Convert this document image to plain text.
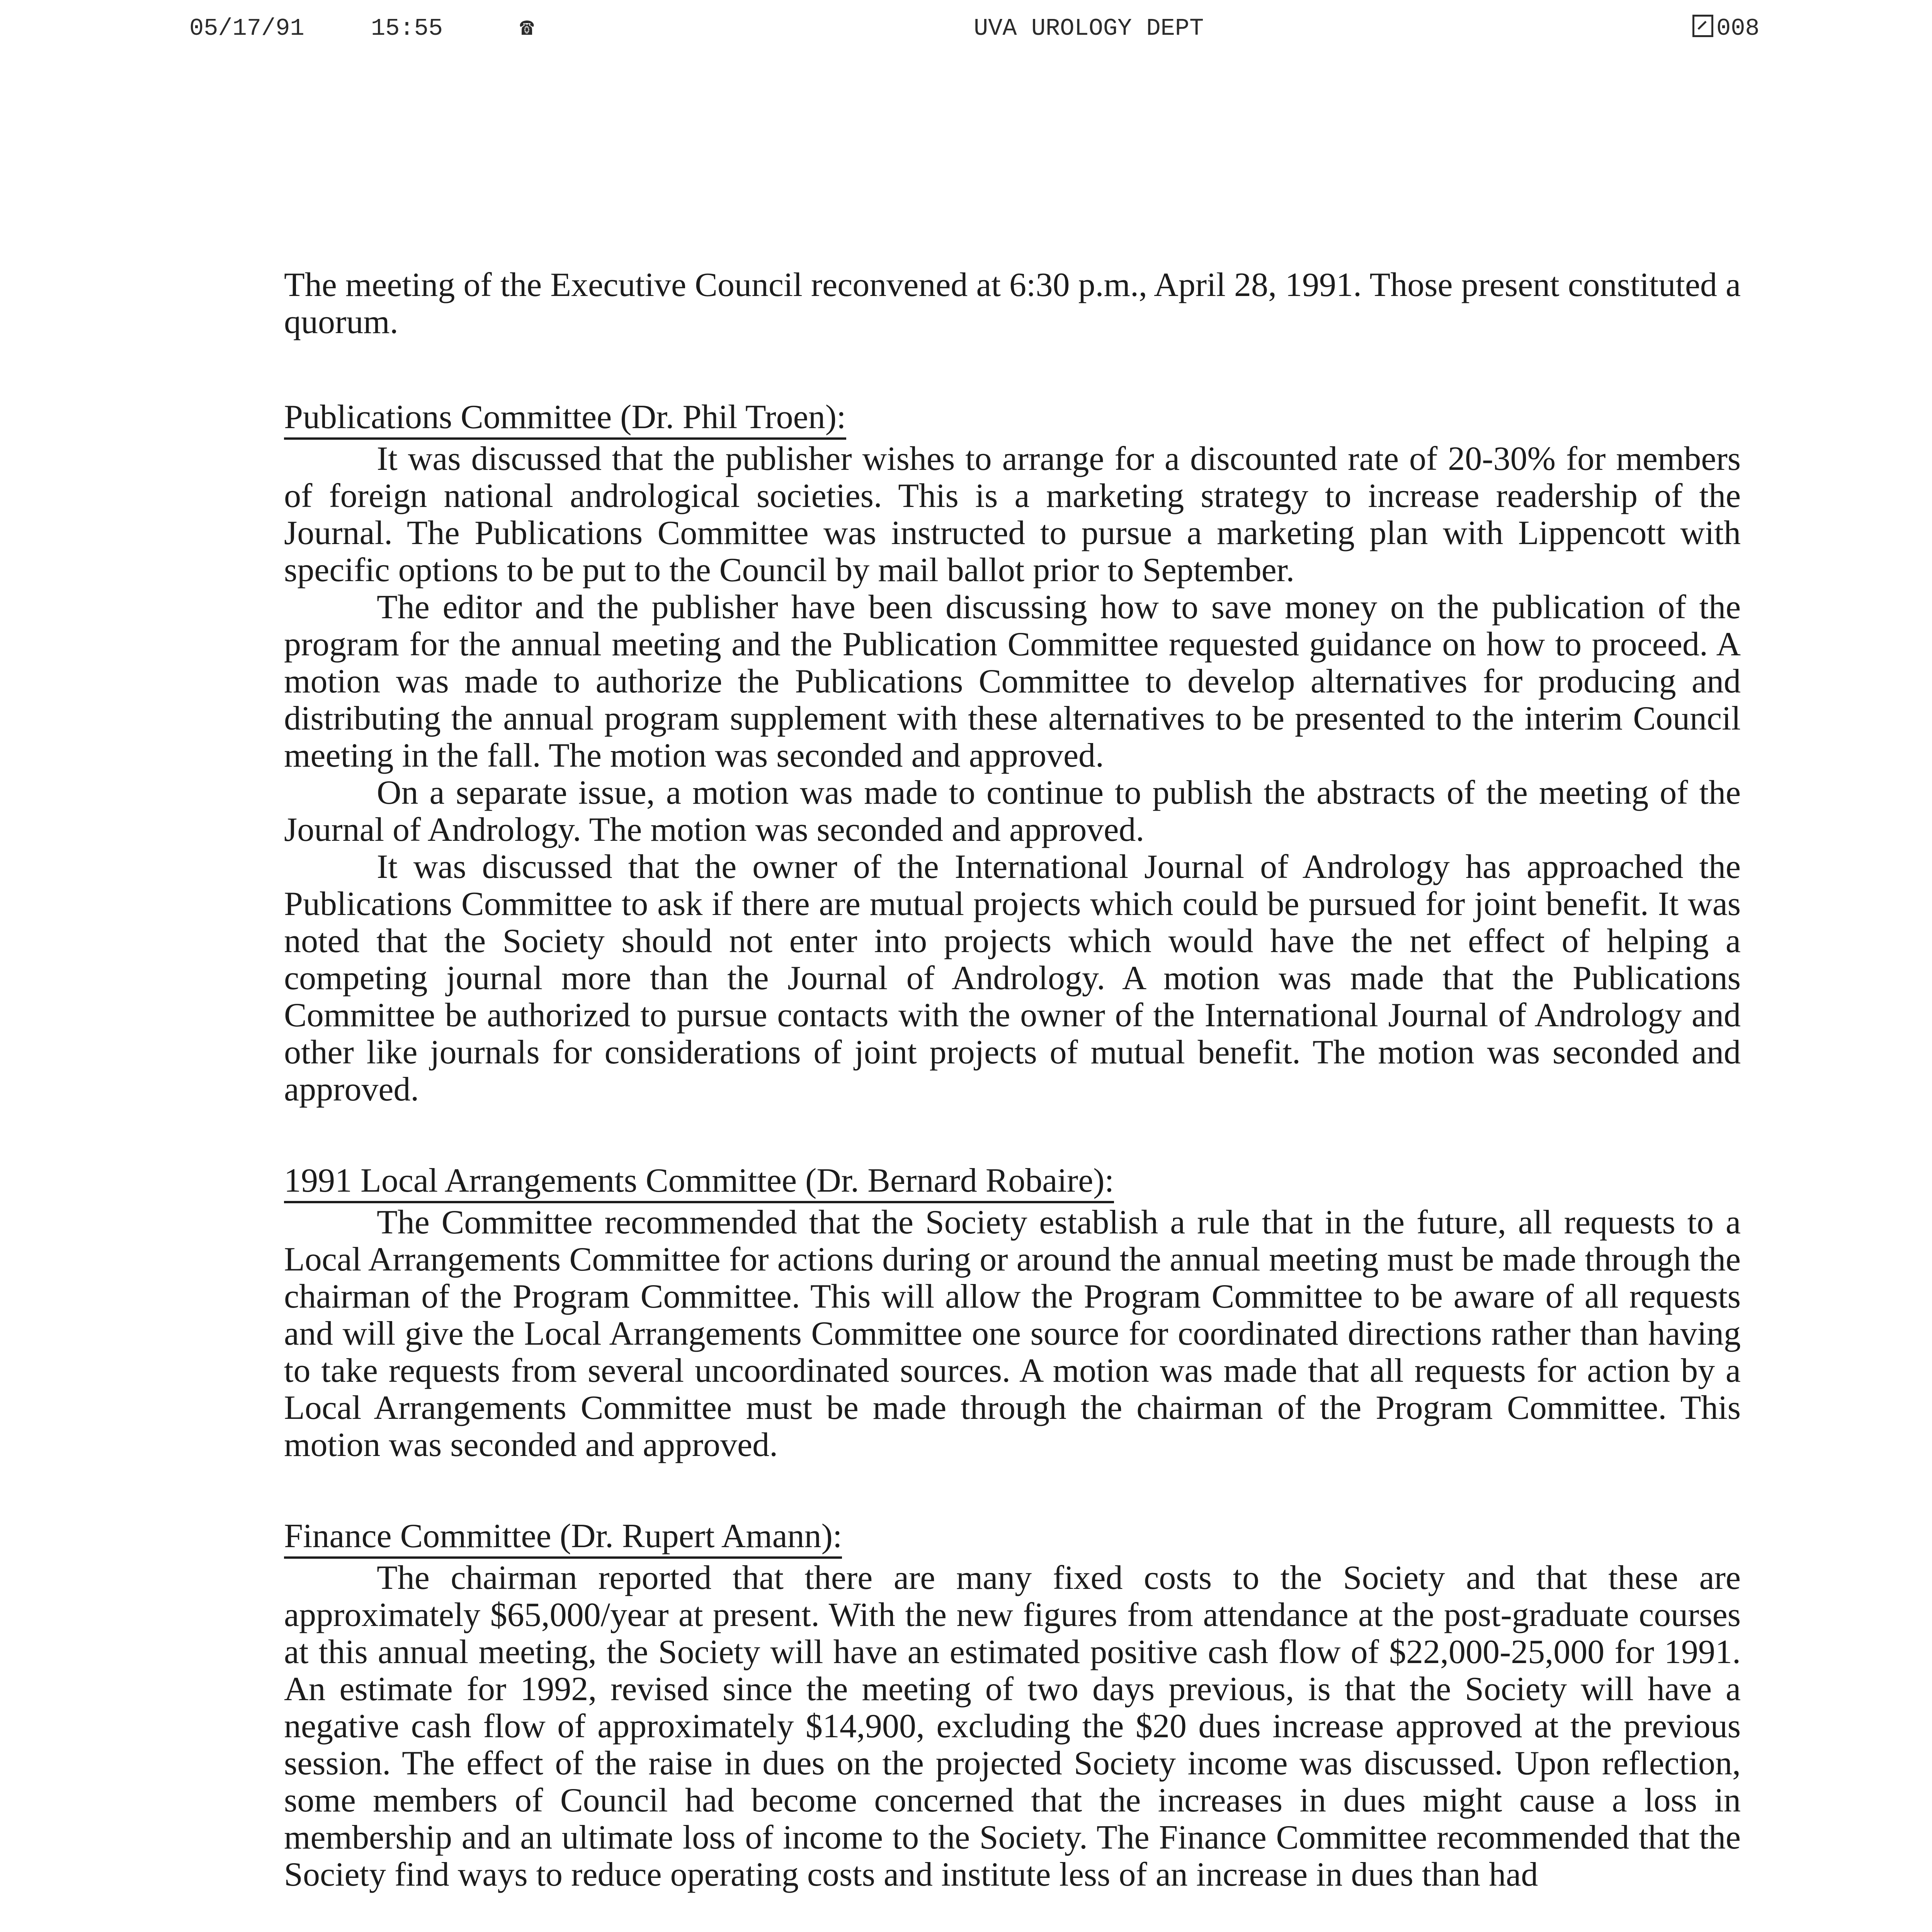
05/17/91	15:55	☎	UVA UROLOGY DEPT	008

The meeting of the Executive Council reconvened at 6:30 p.m., April 28, 1991. Those present constituted a quorum.

Publications Committee (Dr. Phil Troen):

It was discussed that the publisher wishes to arrange for a discounted rate of 20-30% for members of foreign national andrological societies. This is a marketing strategy to increase readership of the Journal. The Publications Committee was instructed to pursue a marketing plan with Lippencott with specific options to be put to the Council by mail ballot prior to September.

The editor and the publisher have been discussing how to save money on the publication of the program for the annual meeting and the Publication Committee requested guidance on how to proceed. A motion was made to authorize the Publications Committee to develop alternatives for producing and distributing the annual program supplement with these alternatives to be presented to the interim Council meeting in the fall. The motion was seconded and approved.

On a separate issue, a motion was made to continue to publish the abstracts of the meeting of the Journal of Andrology. The motion was seconded and approved.

It was discussed that the owner of the International Journal of Andrology has approached the Publications Committee to ask if there are mutual projects which could be pursued for joint benefit. It was noted that the Society should not enter into projects which would have the net effect of helping a competing journal more than the Journal of Andrology. A motion was made that the Publications Committee be authorized to pursue contacts with the owner of the International Journal of Andrology and other like journals for considerations of joint projects of mutual benefit. The motion was seconded and approved.

1991 Local Arrangements Committee (Dr. Bernard Robaire):

The Committee recommended that the Society establish a rule that in the future, all requests to a Local Arrangements Committee for actions during or around the annual meeting must be made through the chairman of the Program Committee. This will allow the Program Committee to be aware of all requests and will give the Local Arrangements Committee one source for coordinated directions rather than having to take requests from several uncoordinated sources. A motion was made that all requests for action by a Local Arrangements Committee must be made through the chairman of the Program Committee. This motion was seconded and approved.

Finance Committee (Dr. Rupert Amann):

The chairman reported that there are many fixed costs to the Society and that these are approximately $65,000/year at present. With the new figures from attendance at the post-graduate courses at this annual meeting, the Society will have an estimated positive cash flow of $22,000-25,000 for 1991. An estimate for 1992, revised since the meeting of two days previous, is that the Society will have a negative cash flow of approximately $14,900, excluding the $20 dues increase approved at the previous session. The effect of the raise in dues on the projected Society income was discussed. Upon reflection, some members of Council had become concerned that the increases in dues might cause a loss in membership and an ultimate loss of income to the Society. The Finance Committee recommended that the Society find ways to reduce operating costs and institute less of an increase in dues than had
